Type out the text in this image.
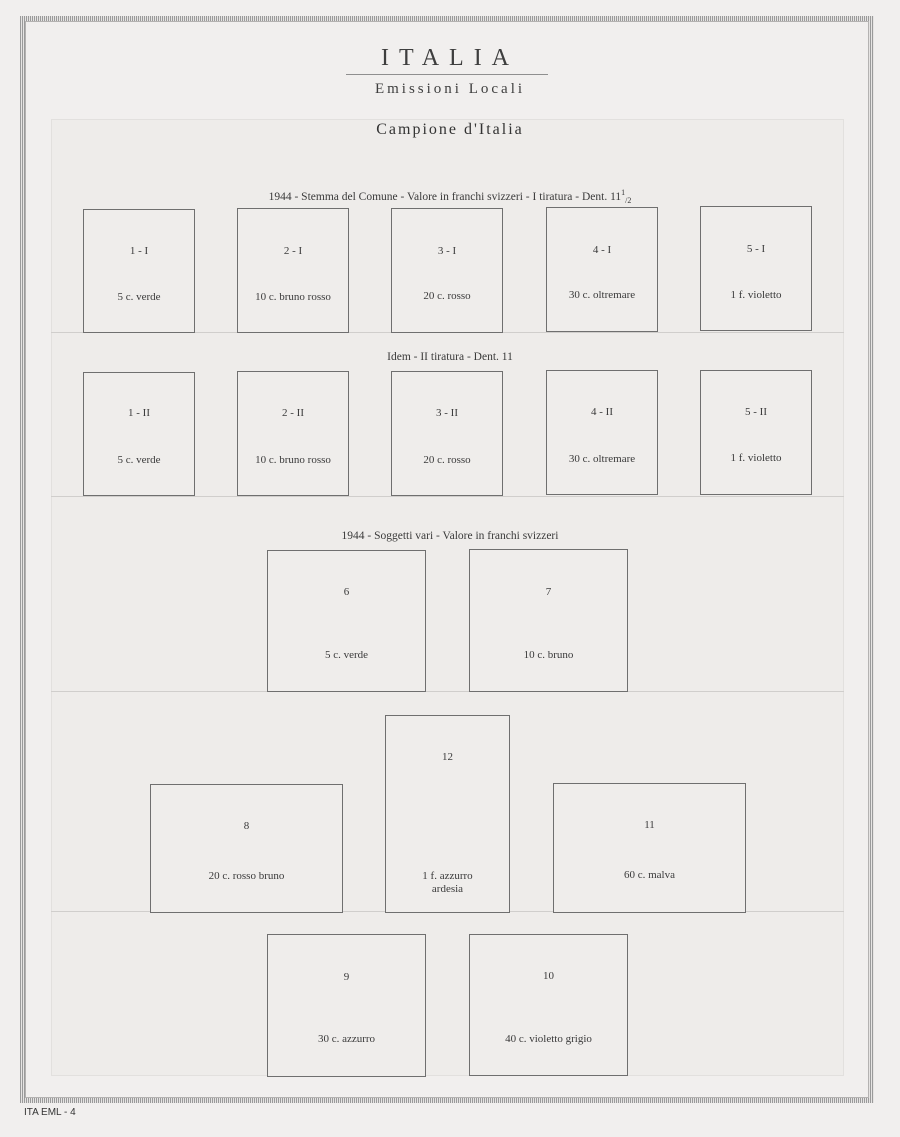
ITALIA
Emissioni Locali
Campione d'Italia
1944 - Stemma del Comune - Valore in franchi svizzeri - I tiratura - Dent. $11^1_{/2}$
1 - I
5 c. verde
2 - I
10 c. bruno rosso
3 - I
20 c. rosso
4 - I
30 c. oltremare
5 - I
1 f. violetto
Idem - II tiratura - Dent. 11
1 - II
5 c. verde
2 - II
10 c. bruno rosso
3 - II
20 c. rosso
4 - II
30 c. oltremare
5 - II
1 f. violetto
1944 - Soggetti vari - Valore in franchi svizzeri
6
5 c. verde
7
10 c. bruno
8
20 c. rosso bruno
12
1 f. azzurro
ardesia
11
60 c. malva
9
30 c. azzurro
10
40 c. violetto grigio
ITA EML - 4
